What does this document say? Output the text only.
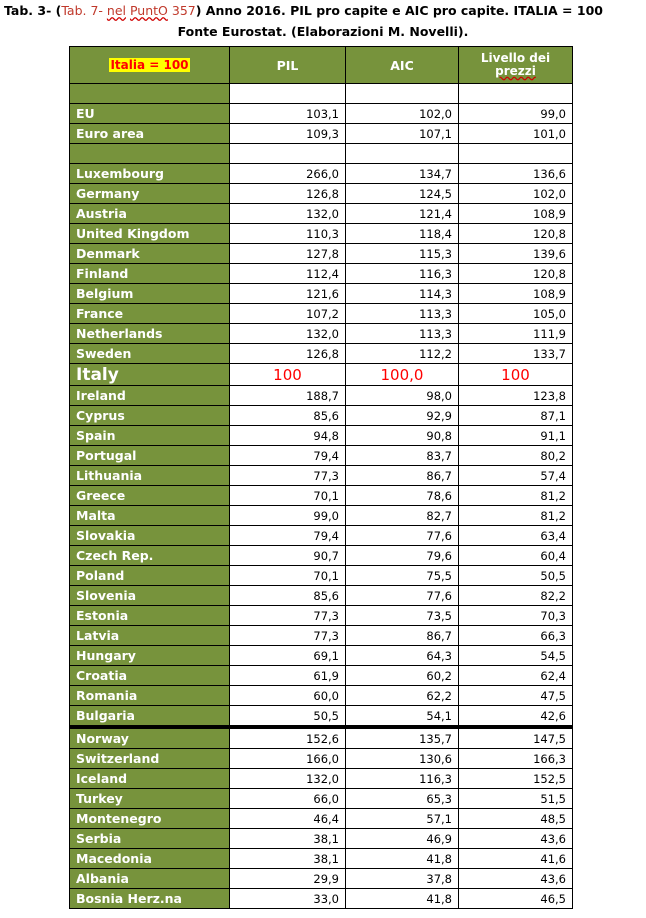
Tab. 3- (Tab. 7- nel PuntO 357) Anno 2016. PIL pro capite e AIC pro capite. ITALIA = 100
Fonte Eurostat. (Elaborazioni M. Novelli).
Italia = 100	PIL	AIC	Livello dei
prezzi

EU	103,1	102,0	99,0
Euro area	109,3	107,1	101,0

Luxembourg	266,0	134,7	136,6
Germany	126,8	124,5	102,0
Austria	132,0	121,4	108,9
United Kingdom	110,3	118,4	120,8
Denmark	127,8	115,3	139,6
Finland	112,4	116,3	120,8
Belgium	121,6	114,3	108,9
France	107,2	113,3	105,0
Netherlands	132,0	113,3	111,9
Sweden	126,8	112,2	133,7
Italy	100	100,0	100
Ireland	188,7	98,0	123,8
Cyprus	85,6	92,9	87,1
Spain	94,8	90,8	91,1
Portugal	79,4	83,7	80,2
Lithuania	77,3	86,7	57,4
Greece	70,1	78,6	81,2
Malta	99,0	82,7	81,2
Slovakia	79,4	77,6	63,4
Czech Rep.	90,7	79,6	60,4
Poland	70,1	75,5	50,5
Slovenia	85,6	77,6	82,2
Estonia	77,3	73,5	70,3
Latvia	77,3	86,7	66,3
Hungary	69,1	64,3	54,5
Croatia	61,9	60,2	62,4
Romania	60,0	62,2	47,5
Bulgaria	50,5	54,1	42,6
Norway	152,6	135,7	147,5
Switzerland	166,0	130,6	166,3
Iceland	132,0	116,3	152,5
Turkey	66,0	65,3	51,5
Montenegro	46,4	57,1	48,5
Serbia	38,1	46,9	43,6
Macedonia	38,1	41,8	41,6
Albania	29,9	37,8	43,6
Bosnia Herz.na	33,0	41,8	46,5
